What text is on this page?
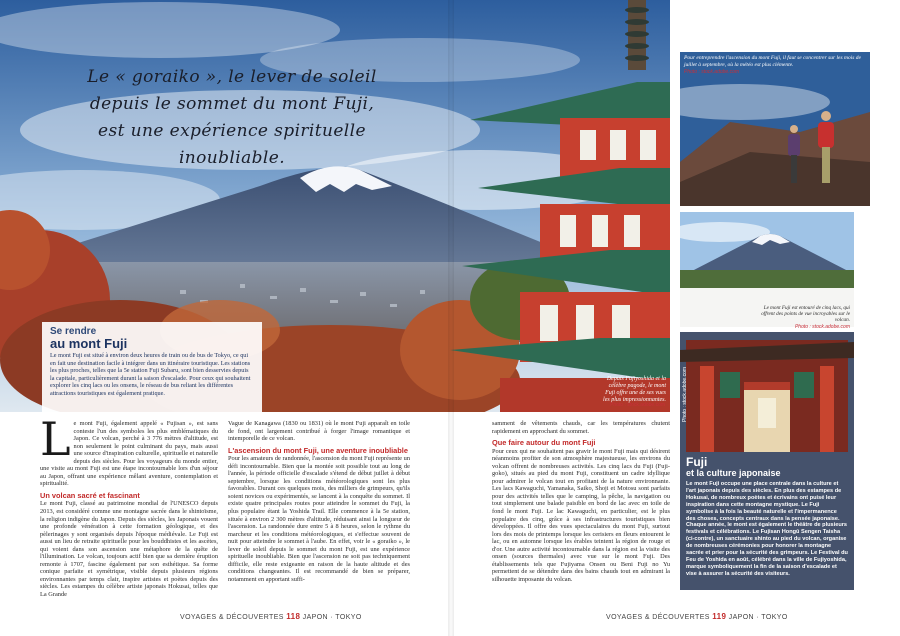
Le « goraiko », le lever de soleil
depuis le sommet du mont Fuji,
est une expérience spirituelle inoubliable.
Depuis Fujiyoshida et la célèbre pagode, le mont Fuji offre une de ses vues les plus impressionnantes.
Photo : stock.adobe.com
Se rendre
au mont Fuji

Le mont Fuji est situé à environ deux heures de train ou de bus de Tokyo, ce qui en fait une destination facile à intégrer dans un itinéraire touristique. Les stations les plus proches, telles que la 5e station Fuji Subaru, sont bien desservies depuis la capitale, particulièrement durant la saison d'escalade. Pour ceux qui souhaitent explorer les cinq lacs ou les onsens, le réseau de bus reliant les différentes attractions touristiques est également pratique.

Le mont Fuji, également appelé « Fujisan », est sans conteste l'un des symboles les plus emblématiques du Japon. Ce volcan, perché à 3 776 mètres d'altitude, est non seulement le point culminant du pays, mais aussi une source d'inspiration culturelle, spirituelle et naturelle depuis des siècles. Pour les voyageurs du monde entier, une visite au mont Fuji est une étape incontournable lors d'un séjour au Japon, offrant une expérience mêlant aventure, contemplation et spiritualité.

Un volcan sacré et fascinant

Le mont Fuji, classé au patrimoine mondial de l'UNESCO depuis 2013, est considéré comme une montagne sacrée dans le shintoïsme, la religion indigène du Japon. Depuis des siècles, les Japonais vouent une profonde vénération à cette formation géologique, et des pèlerinages y sont organisés depuis l'époque médiévale. Le Fuji est aussi un lieu de retraite spirituelle pour les bouddhistes et les ascètes, qui voient dans son ascension une métaphore de la quête de l'illumination. Le volcan, toujours actif bien que sa dernière éruption remonte à 1707, fascine également par son esthétique. Sa forme conique parfaite et symétrique, visible depuis plusieurs régions environnantes par temps clair, inspire artistes et poètes depuis des siècles. Les estampes du célèbre artiste japonais Hokusai, telles que La Grande

Vague de Kanagawa (1830 ou 1831) où le mont Fuji apparaît en toile de fond, ont largement contribué à forger l'image romantique et intemporelle de ce volcan.

L'ascension du mont Fuji, une aventure inoubliable

Pour les amateurs de randonnée, l'ascension du mont Fuji représente un défi incontournable. Bien que la montée soit possible tout au long de l'année, la période officielle d'escalade s'étend de début juillet à début septembre, lorsque les conditions météorologiques sont les plus favorables. Durant ces quelques mois, des milliers de grimpeurs, qu'ils soient novices ou expérimentés, se lancent à la conquête du sommet. Il existe quatre principales routes pour atteindre le sommet du Fuji, la plus populaire étant la Yoshida Trail. Elle commence à la 5e station, située à environ 2 300 mètres d'altitude, réduisant ainsi la longueur de l'ascension. La randonnée dure entre 5 à 8 heures, selon le rythme du marcheur et les conditions météorologiques, et s'effectue souvent de nuit pour atteindre le sommet à l'aube. En effet, voir le « goraiko », le lever de soleil depuis le sommet du mont Fuji, est une expérience spirituelle inoubliable. Bien que l'ascension ne soit pas techniquement difficile, elle reste exigeante en raison de la haute altitude et des conditions changeantes. Il est recommandé de bien se préparer, notamment en apportant suffi-

samment de vêtements chauds, car les températures chutent rapidement en approchant du sommet.

Que faire autour du mont Fuji

Pour ceux qui ne souhaitent pas gravir le mont Fuji mais qui désirent néanmoins profiter de son atmosphère majestueuse, les environs du volcan offrent de nombreuses activités. Les cinq lacs du Fuji (Fuji-goko), situés au pied du mont Fuji, constituent un cadre idyllique pour admirer le volcan tout en profitant de la nature environnante. Les lacs Kawaguchi, Yamanaka, Saiko, Shoji et Motosu sont parfaits pour des activités telles que le camping, la pêche, la navigation ou tout simplement une balade paisible en bord de lac avec en toile de fond le mont Fuji. Le lac Kawaguchi, en particulier, est le plus populaire des cinq, grâce à ses infrastructures touristiques bien développées. Il offre des vues spectaculaires du mont Fuji, surtout lors des mois de printemps lorsque les cerisiers en fleurs entourent le lac, ou en automne lorsque les érables teintent la région de rouge et d'or. Une autre activité incontournable dans la région est la visite des onsen (sources thermales) avec vue sur le mont Fuji. Des établissements tels que Fujiyama Onsen ou Beni Fuji no Yu permettent de se détendre dans des bains chauds tout en admirant la silhouette imposante du volcan.

Pour entreprendre l'ascension du mont Fuji, il faut se concentrer sur les mois de juillet à septembre, où la météo est plus clémente.
Photo : stock.adobe.com
Le mont Fuji est entouré de cinq lacs, qui offrent des points de vue incroyables sur le volcan.
Photo : stock.adobe.com
Photo : stock.adobe.com
Fuji
et la culture japonaise

Le mont Fuji occupe une place centrale dans la culture et l'art japonais depuis des siècles. En plus des estampes de Hokusai, de nombreux poètes et écrivains ont puisé leur inspiration dans cette montagne mystique. Le Fuji symbolise à la fois la beauté naturelle et l'impermanence des choses, concepts centraux dans la pensée japonaise. Chaque année, le mont est également le théâtre de plusieurs festivals et célébrations. Le Fujisan Hongū Sengen Taisha (ci-contre), un sanctuaire shinto au pied du volcan, organise de nombreuses cérémonies pour honorer la montagne sacrée et prier pour la sécurité des grimpeurs. Le Festival du Feu de Yoshida en août, célébré dans la ville de Fujiyoshida, marque symboliquement la fin de la saison d'escalade et vise à assurer la sécurité des visiteurs.

VOYAGES & DÉCOUVERTES 118 JAPON · TOKYO	VOYAGES & DÉCOUVERTES 119 JAPON · TOKYO
